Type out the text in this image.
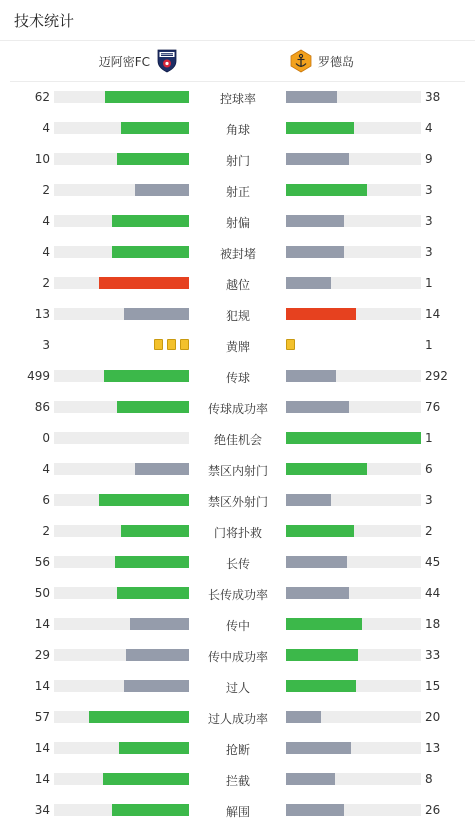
技术统计
迈阿密FC	罗德岛
62	控球率	38
4	角球	4
10	射门	9
2	射正	3
4	射偏	3
4	被封堵	3
2	越位	1
13	犯规	14
3	黄牌	1
499	传球	292
86	传球成功率	76
0	绝佳机会	1
4	禁区内射门	6
6	禁区外射门	3
2	门将扑救	2
56	长传	45
50	长传成功率	44
14	传中	18
29	传中成功率	33
14	过人	15
57	过人成功率	20
14	抢断	13
14	拦截	8
34	解围	26
